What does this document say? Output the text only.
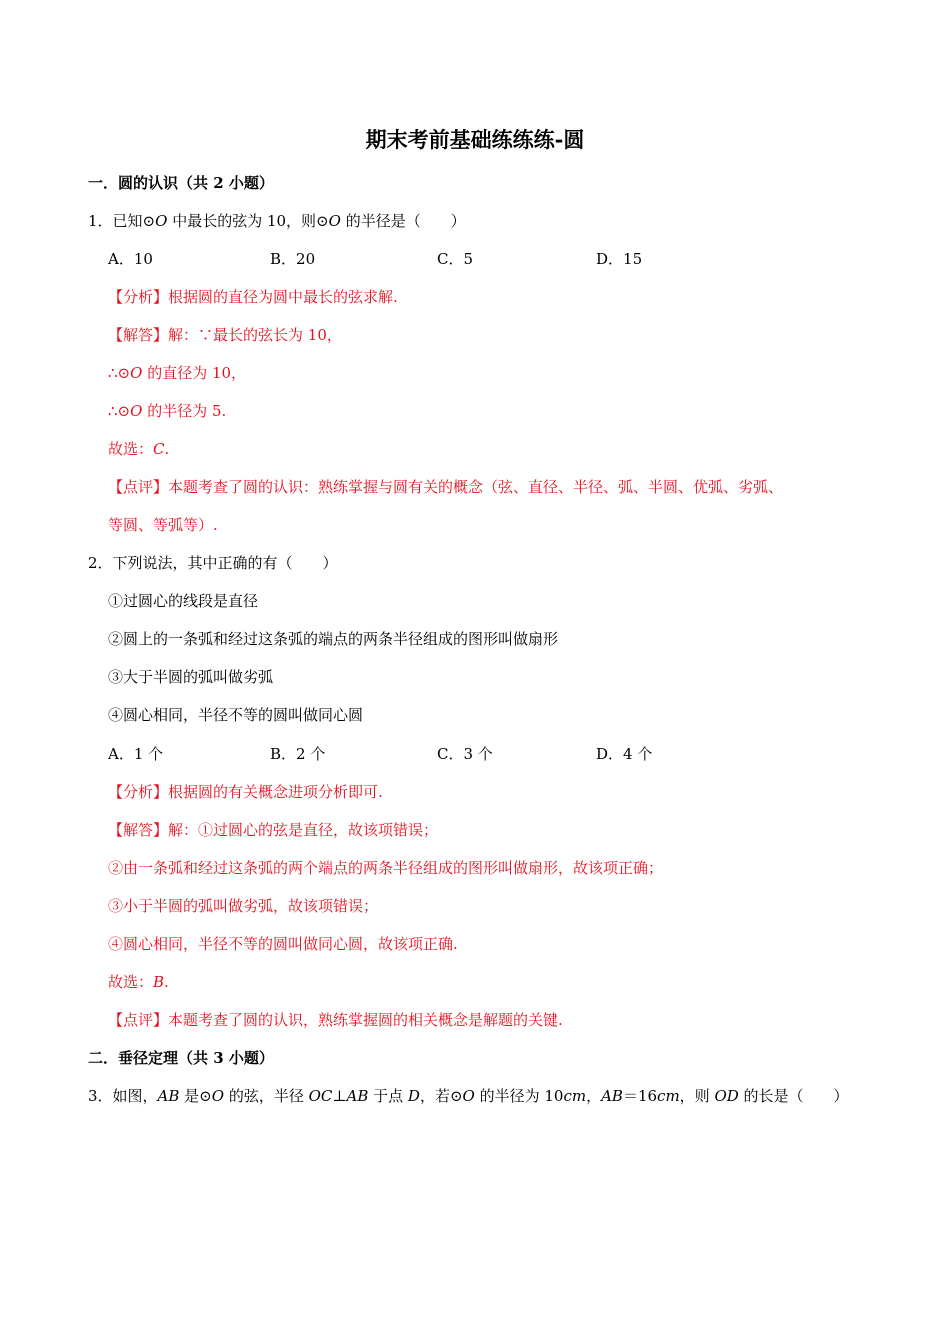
期末考前基础练练练-圆
一．圆的认识（共 2 小题）
1．已知⊙O 中最长的弦为 10，则⊙O 的半径是（　　）
A．10	B．20	C．5	D．15
【分析】根据圆的直径为圆中最长的弦求解.
【解答】解：∵最长的弦长为 10，
∴⊙O 的直径为 10，
∴⊙O 的半径为 5.
故选：C.
【点评】本题考查了圆的认识：熟练掌握与圆有关的概念（弦、直径、半径、弧、半圆、优弧、劣弧、
等圆、等弧等）.
2．下列说法，其中正确的有（　　）
①过圆心的线段是直径
②圆上的一条弧和经过这条弧的端点的两条半径组成的图形叫做扇形
③大于半圆的弧叫做劣弧
④圆心相同，半径不等的圆叫做同心圆
A．1 个	B．2 个	C．3 个	D．4 个
【分析】根据圆的有关概念进项分析即可.
【解答】解：①过圆心的弦是直径，故该项错误；
②由一条弧和经过这条弧的两个端点的两条半径组成的图形叫做扇形，故该项正确；
③小于半圆的弧叫做劣弧，故该项错误；
④圆心相同，半径不等的圆叫做同心圆，故该项正确.
故选：B.
【点评】本题考查了圆的认识，熟练掌握圆的相关概念是解题的关键.
二．垂径定理（共 3 小题）
3．如图，AB 是⊙O 的弦，半径 OC⊥AB 于点 D，若⊙O 的半径为 10cm，AB＝16cm，则 OD 的长是（　　）
